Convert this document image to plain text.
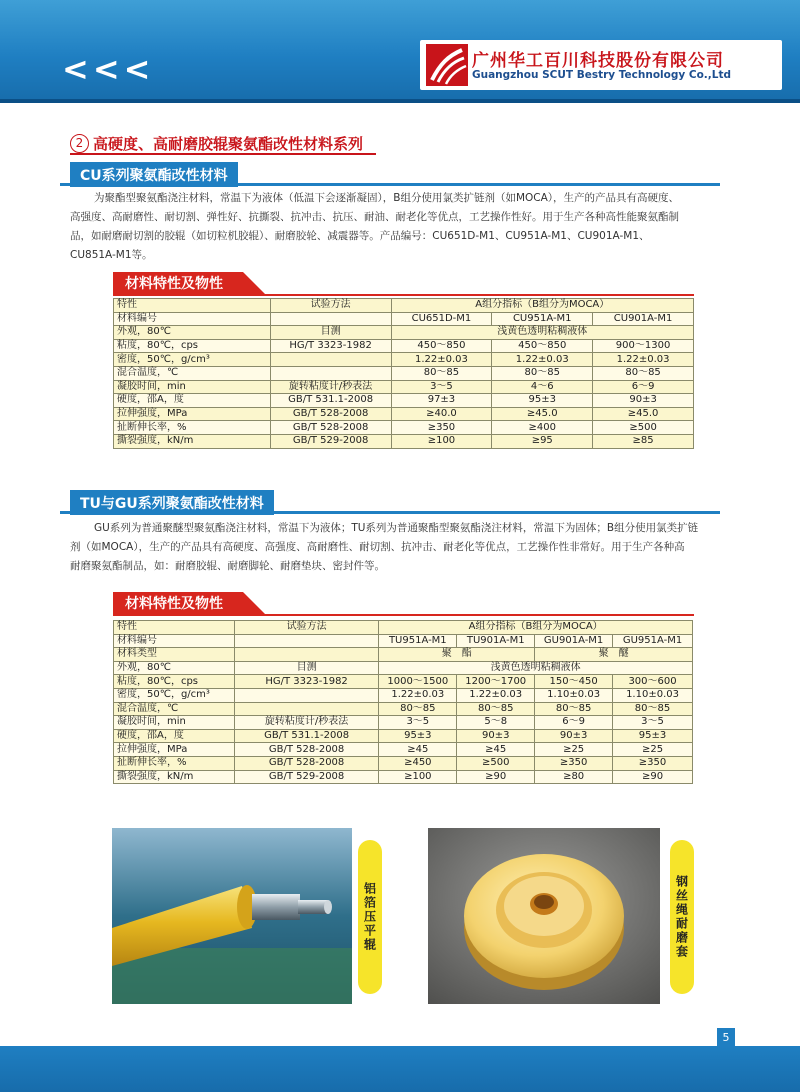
<<<	广州华工百川科技股份有限公司
Guangzhou SCUT Bestry Technology Co.,Ltd
2 高硬度、高耐磨胶辊聚氨酯改性材料系列
CU系列聚氨酯改性材料
为聚酯型聚氨酯浇注材料，常温下为液体（低温下会逐渐凝固），B组分使用氯类扩链剂（如MOCA），生产的产品具有高硬度、
高强度、高耐磨性、耐切割、弹性好、抗撕裂、抗冲击、抗压、耐油、耐老化等优点，工艺操作性好。用于生产各种高性能聚氨酯制
品，如耐磨耐切割的胶辊（如切粒机胶辊）、耐磨胶轮、减震器等。产品编号：CU651D-M1、CU951A-M1、CU901A-M1、
CU851A-M1等。
材料特性及物性
特性	试验方法	A组分指标（B组分为MOCA）		
材料编号		CU651D-M1	CU951A-M1	CU901A-M1
外观，80℃	目测	浅黄色透明粘稠液体		
粘度，80℃，cps	HG/T 3323-1982	450～850	450～850	900～1300
密度，50℃，g/cm³		1.22±0.03	1.22±0.03	1.22±0.03
混合温度，℃		80～85	80～85	80～85
凝胶时间，min	旋转粘度计/秒表法	3～5	4～6	6～9
硬度，邵A，度	GB/T 531.1-2008	97±3	95±3	90±3
拉伸强度，MPa	GB/T 528-2008	≥40.0	≥45.0	≥45.0
扯断伸长率，%	GB/T 528-2008	≥350	≥400	≥500
撕裂强度，kN/m	GB/T 529-2008	≥100	≥95	≥85
TU与GU系列聚氨酯改性材料
GU系列为普通聚醚型聚氨酯浇注材料，常温下为液体；TU系列为普通聚酯型聚氨酯浇注材料，常温下为固体；B组分使用氯类扩链
剂（如MOCA），生产的产品具有高硬度、高强度、高耐磨性、耐切割、抗冲击、耐老化等优点，工艺操作性非常好。用于生产各种高
耐磨聚氨酯制品，如：耐磨胶辊、耐磨脚轮、耐磨垫块、密封件等。
材料特性及物性
特性	试验方法	A组分指标（B组分为MOCA）			
材料编号		TU951A-M1	TU901A-M1	GU901A-M1	GU951A-M1
材料类型		聚　酯		聚　醚	
外观，80℃	目测	浅黄色透明粘稠液体			
粘度，80℃，cps	HG/T 3323-1982	1000～1500	1200～1700	150～450	300～600
密度，50℃，g/cm³		1.22±0.03	1.22±0.03	1.10±0.03	1.10±0.03
混合温度，℃		80～85	80～85	80～85	80～85
凝胶时间，min	旋转粘度计/秒表法	3～5	5～8	6～9	3～5
硬度，邵A，度	GB/T 531.1-2008	95±3	90±3	90±3	95±3
拉伸强度，MPa	GB/T 528-2008	≥45	≥45	≥25	≥25
扯断伸长率，%	GB/T 528-2008	≥450	≥500	≥350	≥350
撕裂强度，kN/m	GB/T 529-2008	≥100	≥90	≥80	≥90
铝箔压平辊	钢丝绳耐磨套
5
